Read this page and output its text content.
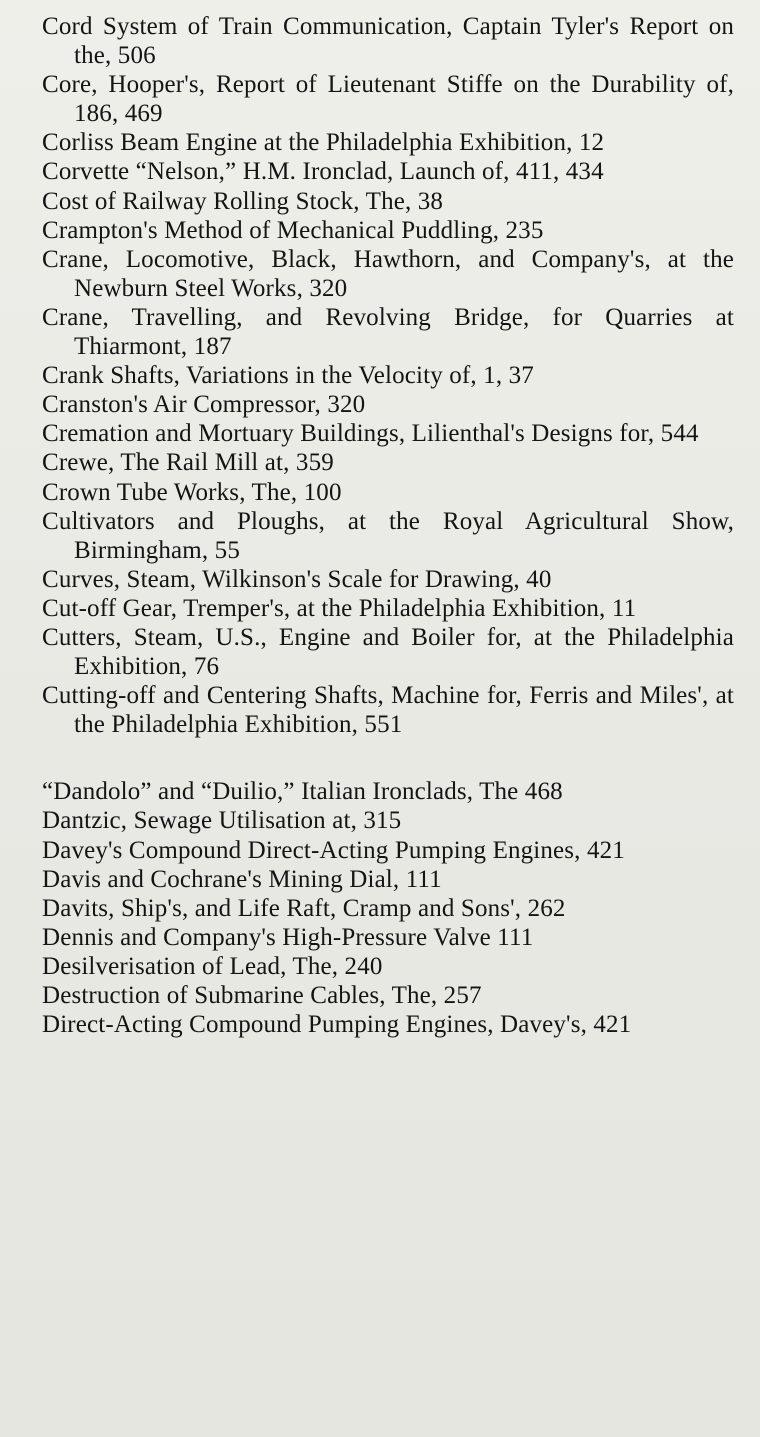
Cord System of Train Communication, Captain Tyler's Report on the, 506

Core, Hooper's, Report of Lieutenant Stiffe on the Durability of, 186, 469

Corliss Beam Engine at the Philadelphia Exhibition, 12

Corvette “Nelson,” H.M. Ironclad, Launch of, 411, 434

Cost of Railway Rolling Stock, The, 38

Crampton's Method of Mechanical Puddling, 235

Crane, Locomotive, Black, Hawthorn, and Company's, at the Newburn Steel Works, 320

Crane, Travelling, and Revolving Bridge, for Quarries at Thiarmont, 187

Crank Shafts, Variations in the Velocity of, 1, 37

Cranston's Air Compressor, 320

Cremation and Mortuary Buildings, Lilienthal's Designs for, 544

Crewe, The Rail Mill at, 359

Crown Tube Works, The, 100

Cultivators and Ploughs, at the Royal Agricultural Show, Birmingham, 55

Curves, Steam, Wilkinson's Scale for Drawing, 40

Cut-off Gear, Tremper's, at the Philadelphia Exhibition, 11

Cutters, Steam, U.S., Engine and Boiler for, at the Philadelphia Exhibition, 76

Cutting-off and Centering Shafts, Machine for, Ferris and Miles', at the Philadelphia Exhibition, 551

“Dandolo” and “Duilio,” Italian Ironclads, The 468

Dantzic, Sewage Utilisation at, 315

Davey's Compound Direct-Acting Pumping Engines, 421

Davis and Cochrane's Mining Dial, 111

Davits, Ship's, and Life Raft, Cramp and Sons', 262

Dennis and Company's High-Pressure Valve 111

Desilverisation of Lead, The, 240

Destruction of Submarine Cables, The, 257

Direct-Acting Compound Pumping Engines, Davey's, 421
